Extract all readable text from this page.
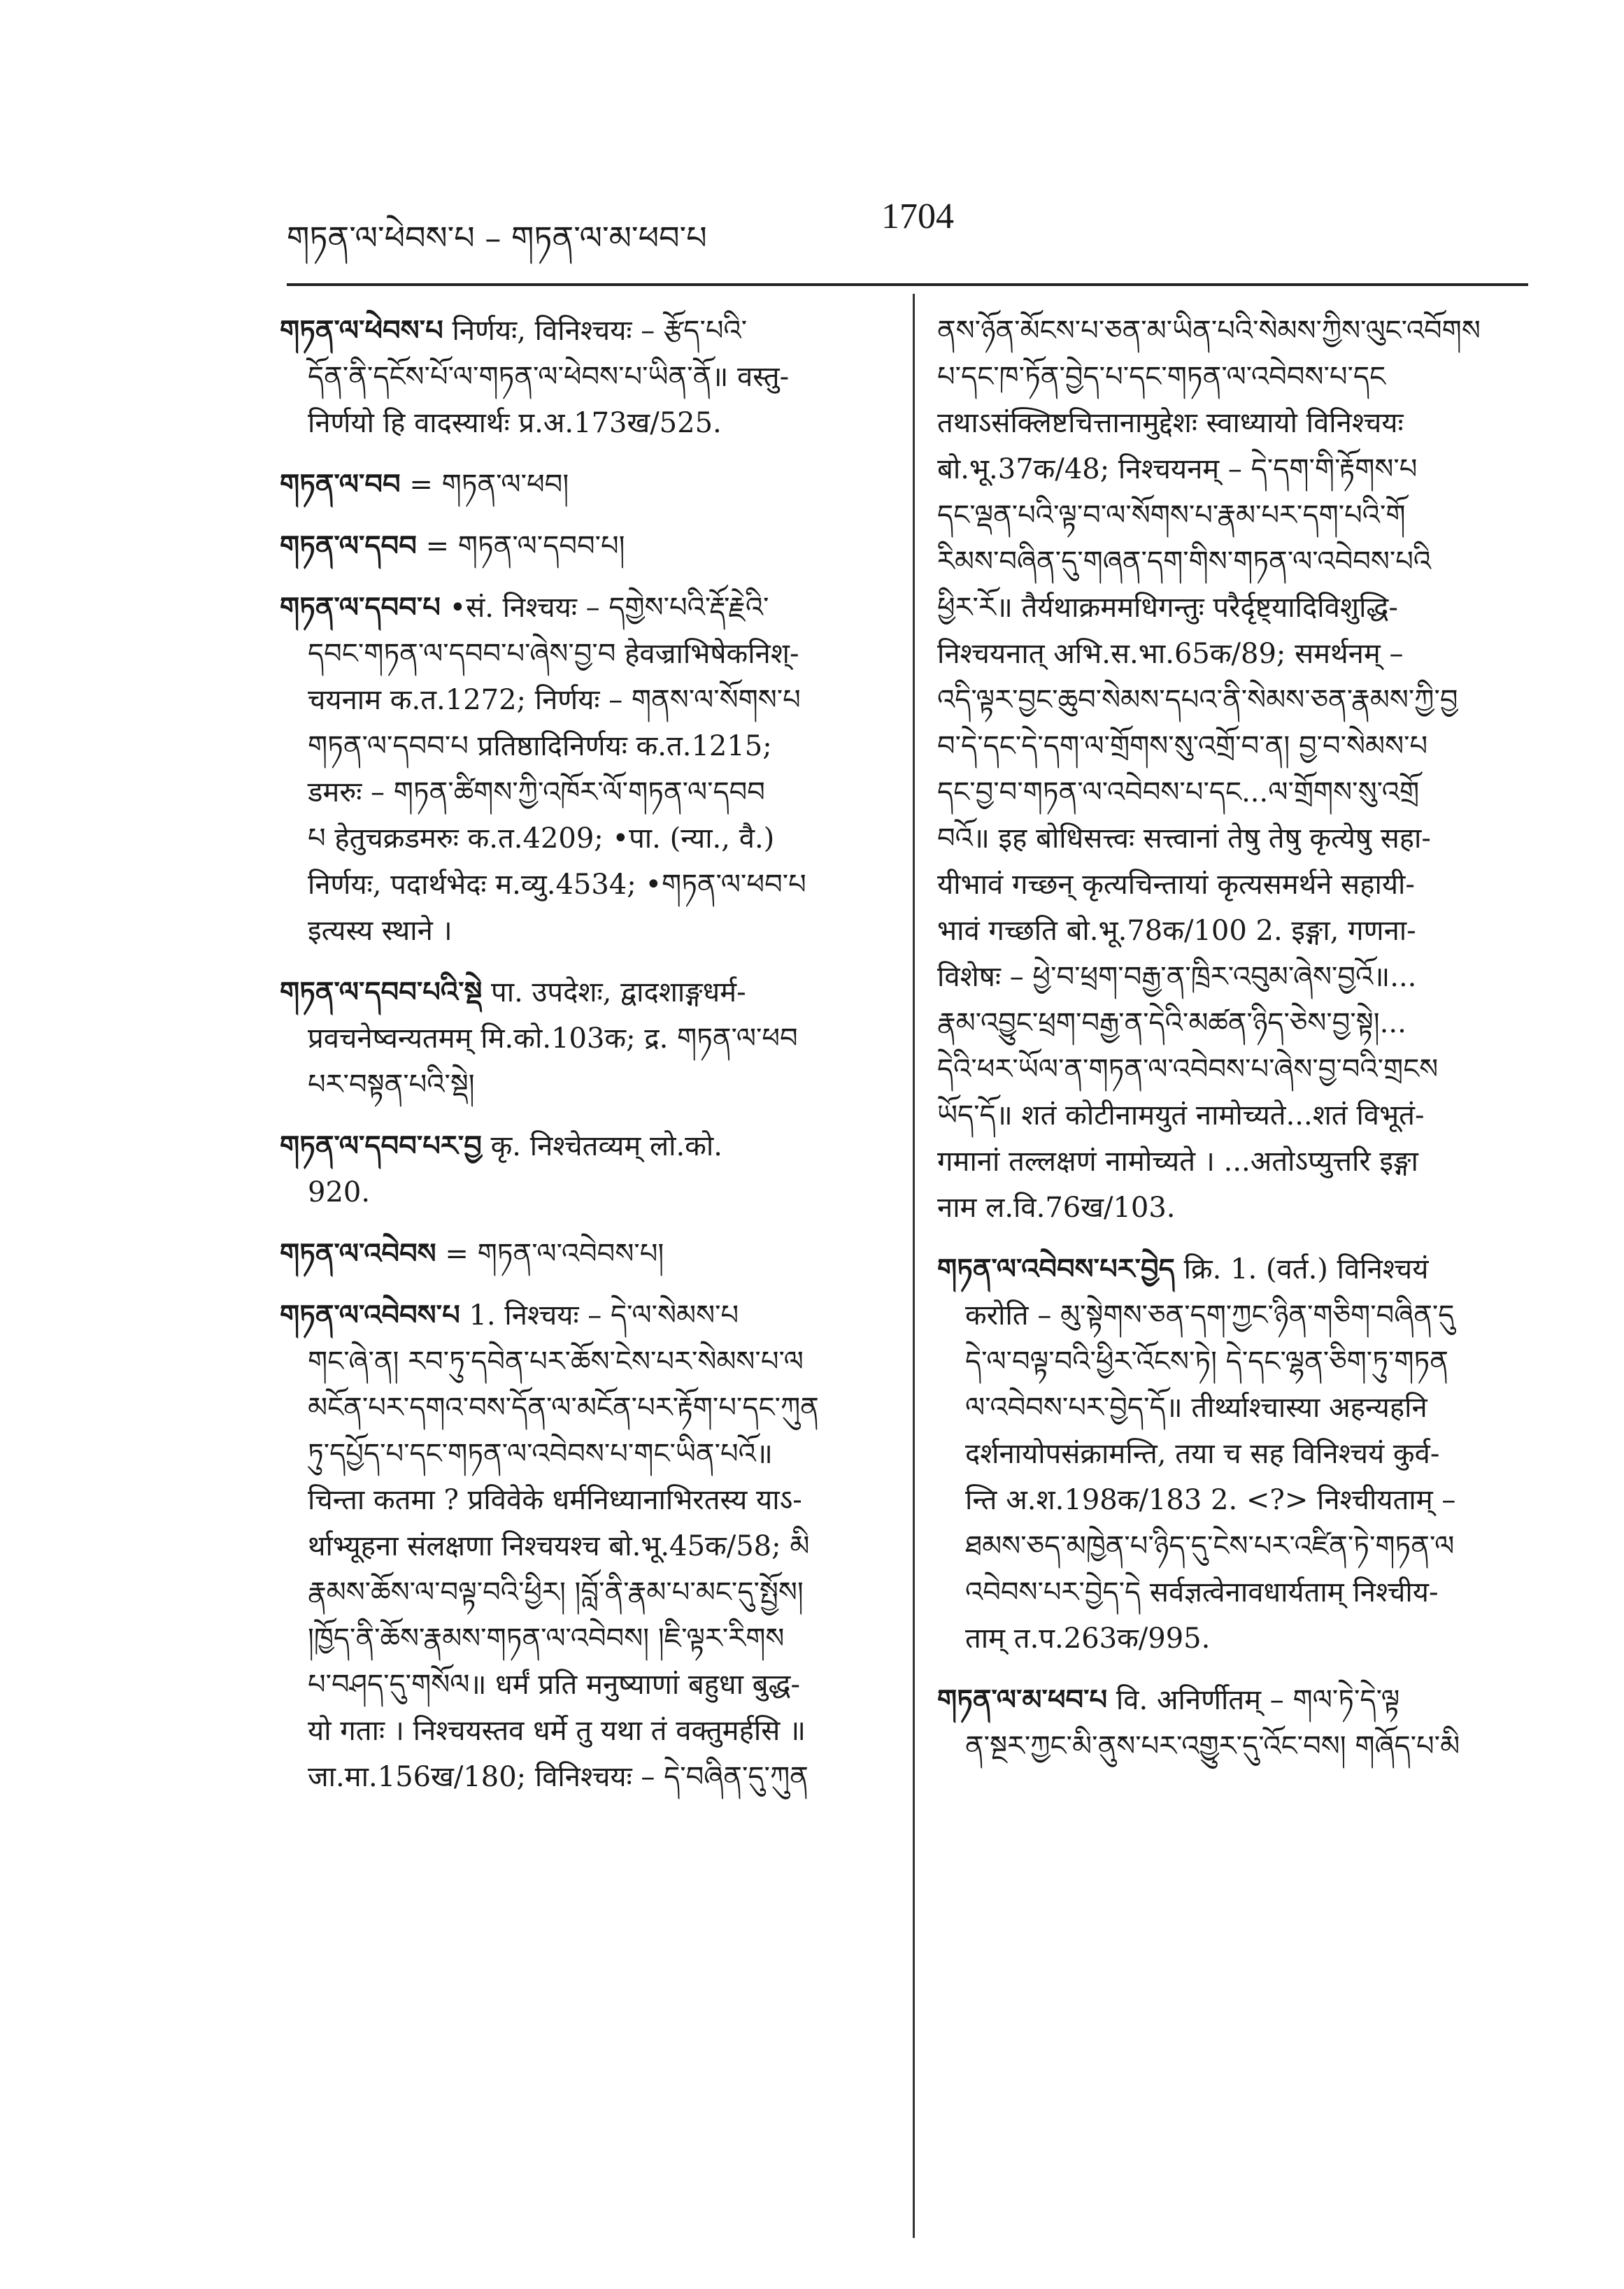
གཏན་ལ་ཕེབས་པ – གཏན་ལ་མ་ཕབ་པ
1704

གཏན་ལ་ཕེབས་པ निर्णयः, विनिश्चयः – རྩོད་པའི་

དོན་ནི་དངོས་པོ་ལ་གཏན་ལ་ཕེབས་པ་ཡིན་ནོ॥ वस्तु-

निर्णयो हि वादस्यार्थः प्र.अ.173ख/525.

གཏན་ལ་བབ = གཏན་ལ་ཕབ།

གཏན་ལ་དབབ = གཏན་ལ་དབབ་པ།

གཏན་ལ་དབབ་པ •सं. निश्चयः – དགྱེས་པའི་རྡོ་རྗེའི་

དབང་གཏན་ལ་དབབ་པ་ཞེས་བྱ་བ हेवज्राभिषेकनिश्-

चयनाम क.त.1272; निर्णयः – གནས་ལ་སོགས་པ

གཏན་ལ་དབབ་པ प्रतिष्ठादिनिर्णयः क.त.1215;

डमरुः – གཏན་ཚིགས་ཀྱི་འཁོར་ལོ་གཏན་ལ་དབབ

པ हेतुचक्रडमरुः क.त.4209; •पा. (न्या., वै.)

निर्णयः, पदार्थभेदः म.व्यु.4534; •གཏན་ལ་ཕབ་པ

इत्यस्य स्थाने ।

གཏན་ལ་དབབ་པའི་སྡེ पा. उपदेशः, द्वादशाङ्गधर्म-

प्रवचनेष्वन्यतमम् मि.को.103क; द्र. གཏན་ལ་ཕབ

པར་བསྟན་པའི་སྡེ།

གཏན་ལ་དབབ་པར་བྱ कृ. निश्चेतव्यम् लो.को.

920.

གཏན་ལ་འབེབས = གཏན་ལ་འབེབས་པ།

གཏན་ལ་འབེབས་པ 1. निश्चयः – དེ་ལ་སེམས་པ

གང་ཞེ་ན། རབ་ཏུ་དབེན་པར་ཆོས་ངེས་པར་སེམས་པ་ལ

མངོན་པར་དགའ་བས་དོན་ལ་མངོན་པར་རྟོག་པ་དང་ཀུན

ཏུ་དཔྱོད་པ་དང་གཏན་ལ་འབེབས་པ་གང་ཡིན་པའོ॥

चिन्ता कतमा ? प्रविवेके धर्मनिध्यानाभिरतस्य याऽ-

र्थाभ्यूहना संलक्षणा निश्चयश्च बो.भू.45क/58; མི

རྣམས་ཆོས་ལ་བལྟ་བའི་ཕྱིར། །བློ་ནི་རྣམ་པ་མང་དུ་སྤྱོས།

།ཁྱོད་ནི་ཆོས་རྣམས་གཏན་ལ་འབེབས། །ཇི་ལྟར་རིགས

པ་བཤད་དུ་གསོལ॥ धर्मं प्रति मनुष्याणां बहुधा बुद्ध-

यो गताः । निश्चयस्तव धर्मे तु यथा तं वक्तुमर्हसि ॥

जा.मा.156ख/180; विनिश्चयः – དེ་བཞིན་དུ་ཀུན

ནས་ཉོན་མོངས་པ་ཅན་མ་ཡིན་པའི་སེམས་ཀྱིས་ལུང་འབོགས

པ་དང་ཁ་ཏོན་བྱེད་པ་དང་གཏན་ལ་འབེབས་པ་དང

तथाऽसंक्लिष्टचित्तानामुद्देशः स्वाध्यायो विनिश्चयः

बो.भू.37क/48; निश्चयनम् – དེ་དག་གི་རྟོགས་པ

དང་ལྡན་པའི་ལྟ་བ་ལ་སོགས་པ་རྣམ་པར་དག་པའི་གོ

རིམས་བཞིན་དུ་གཞན་དག་གིས་གཏན་ལ་འབེབས་པའི

ཕྱིར་རོ॥ तैर्यथाक्रममधिगन्तुः परैर्दृष्ट्यादिविशुद्धि-

निश्चयनात् अभि.स.भा.65क/89; समर्थनम् –

འདི་ལྟར་བྱང་ཆུབ་སེམས་དཔའ་ནི་སེམས་ཅན་རྣམས་ཀྱི་བྱ

བ་དེ་དང་དེ་དག་ལ་གྲོགས་སུ་འགྲོ་བ་ན། བྱ་བ་སེམས་པ

དང་བྱ་བ་གཏན་ལ་འབེབས་པ་དང...ལ་གྲོགས་སུ་འགྲོ

བའོ॥ इह बोधिसत्त्वः सत्त्वानां तेषु तेषु कृत्येषु सहा-

यीभावं गच्छन् कृत्यचिन्तायां कृत्यसमर्थने सहायी-

भावं गच्छति बो.भू.78क/100 2. इङ्गा, गणना-

विशेषः – ཕྱེ་བ་ཕྲག་བརྒྱ་ན་ཁྲིར་འབུམ་ཞེས་བྱའོ॥...

རྣམ་འབྱུང་ཕྲག་བརྒྱ་ན་དེའི་མཚན་ཉིད་ཅེས་བྱ་སྟེ།...

དེའི་ཕར་ཡོལ་ན་གཏན་ལ་འབེབས་པ་ཞེས་བྱ་བའི་གྲངས

ཡོད་དོ॥ शतं कोटीनामयुतं नामोच्यते...शतं विभूतं-

गमानां तल्लक्षणं नामोच्यते । ...अतोऽप्युत्तरि इङ्गा

नाम ल.वि.76ख/103.

གཏན་ལ་འབེབས་པར་བྱེད क्रि. 1. (वर्त.) विनिश्चयं

करोति – མུ་སྟེགས་ཅན་དག་ཀྱང་ཉིན་གཅིག་བཞིན་དུ

དེ་ལ་བལྟ་བའི་ཕྱིར་འོངས་ཏེ། དེ་དང་ལྷན་ཅིག་ཏུ་གཏན

ལ་འབེབས་པར་བྱེད་དོ॥ तीर्थ्याश्चास्या अहन्यहनि

दर्शनायोपसंक्रामन्ति, तया च सह विनिश्चयं कुर्व-

न्ति अ.श.198क/183 2. <?> निश्चीयताम् –

ཐམས་ཅད་མཁྱེན་པ་ཉིད་དུ་ངེས་པར་འཛིན་ཏེ་གཏན་ལ

འབེབས་པར་བྱེད་དེ सर्वज्ञत्वेनावधार्यताम् निश्चीय-

ताम् त.प.263क/995.

གཏན་ལ་མ་ཕབ་པ वि. अनिर्णीतम् – གལ་ཏེ་དེ་ལྟ

ན་སྔར་ཀྱང་མི་ནུས་པར་འགྱུར་དུ་འོང་བས། གཞོད་པ་མི
